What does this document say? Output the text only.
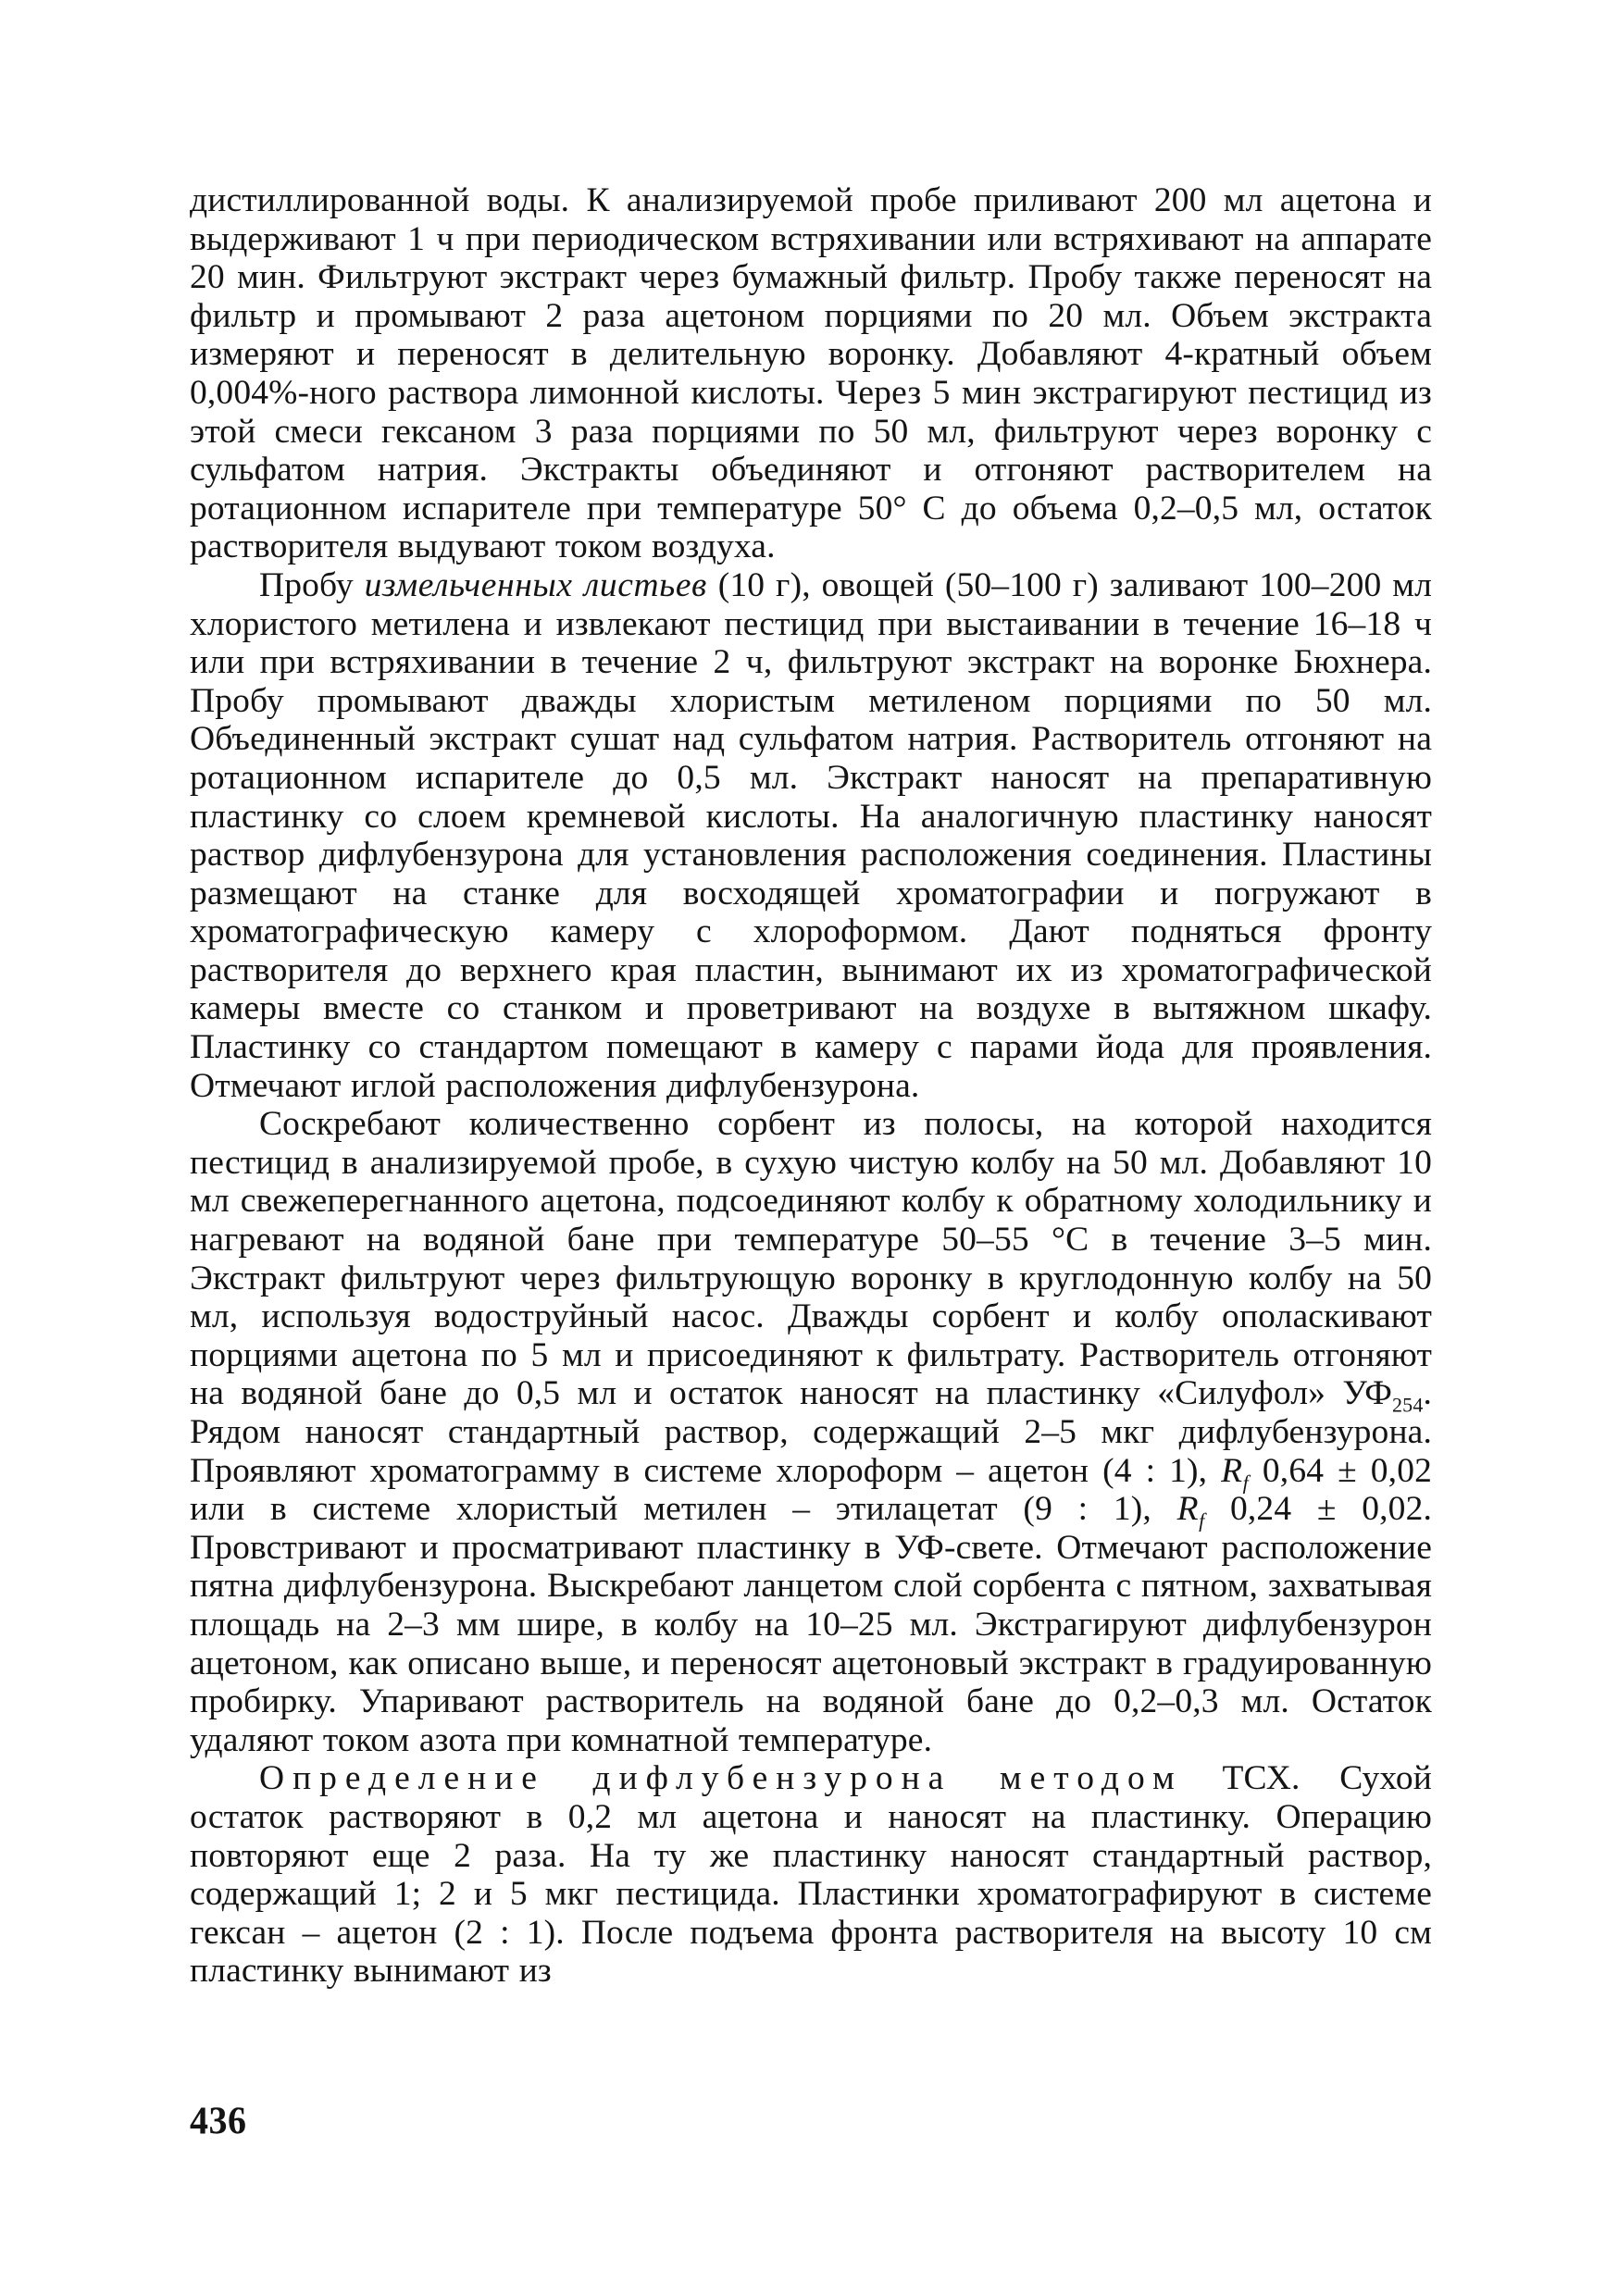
дистиллированной воды. К анализируемой пробе приливают 200 мл ацетона и выдерживают 1 ч при периодическом встряхивании или встряхивают на аппарате 20 мин. Фильтруют экстракт через бумажный фильтр. Пробу также переносят на фильтр и промывают 2 раза ацетоном порциями по 20 мл. Объем экстракта измеряют и переносят в делительную воронку. Добавляют 4-кратный объем 0,004%-ного раствора лимонной кислоты. Через 5 мин экстрагируют пестицид из этой смеси гексаном 3 раза порциями по 50 мл, фильтруют через воронку с сульфатом натрия. Экстракты объединяют и отгоняют растворителем на ротационном испарителе при температуре 50° С до объема 0,2–0,5 мл, остаток растворителя выдувают током воздуха.

Пробу измельченных листьев (10 г), овощей (50–100 г) заливают 100–200 мл хлористого метилена и извлекают пестицид при выстаивании в течение 16–18 ч или при встряхивании в течение 2 ч, фильтруют экстракт на воронке Бюхнера. Пробу промывают дважды хлористым метиленом порциями по 50 мл. Объединенный экстракт сушат над сульфатом натрия. Растворитель отгоняют на ротационном испарителе до 0,5 мл. Экстракт наносят на препаративную пластинку со слоем кремневой кислоты. На аналогичную пластинку наносят раствор дифлубензурона для установления расположения соединения. Пластины размещают на станке для восходящей хроматографии и погружают в хроматографическую камеру с хлороформом. Дают подняться фронту растворителя до верхнего края пластин, вынимают их из хроматографической камеры вместе со станком и проветривают на воздухе в вытяжном шкафу. Пластинку со стандартом помещают в камеру с парами йода для проявления. Отмечают иглой расположения дифлубензурона.

Соскребают количественно сорбент из полосы, на которой находится пестицид в анализируемой пробе, в сухую чистую колбу на 50 мл. Добавляют 10 мл свежеперегнанного ацетона, подсоединяют колбу к обратному холодильнику и нагревают на водяной бане при температуре 50–55 °С в течение 3–5 мин. Экстракт фильтруют через фильтрующую воронку в круглодонную колбу на 50 мл, используя водоструйный насос. Дважды сорбент и колбу ополаскивают порциями ацетона по 5 мл и присоединяют к фильтрату. Растворитель отгоняют на водяной бане до 0,5 мл и остаток наносят на пластинку «Силуфол» $УФ_{254}$. Рядом наносят стандартный раствор, содержащий 2–5 мкг дифлубензурона. Проявляют хроматограмму в системе хлороформ – ацетон (4 : 1), $R_f$ 0,64 ± 0,02 или в системе хлористый метилен – этилацетат (9 : 1), $R_f$ 0,24 ± 0,02. Провстривают и просматривают пластинку в УФ-свете. Отмечают расположение пятна дифлубензурона. Выскребают ланцетом слой сорбента с пятном, захватывая площадь на 2–3 мм шире, в колбу на 10–25 мл. Экстрагируют дифлубензурон ацетоном, как описано выше, и переносят ацетоновый экстракт в градуированную пробирку. Упаривают растворитель на водяной бане до 0,2–0,3 мл. Остаток удаляют током азота при комнатной температуре.

Определение дифлубензурона методом ТСХ. Сухой остаток растворяют в 0,2 мл ацетона и наносят на пластинку. Операцию повторяют еще 2 раза. На ту же пластинку наносят стандартный раствор, содержащий 1; 2 и 5 мкг пестицида. Пластинки хроматографируют в системе гексан – ацетон (2 : 1). После подъема фронта растворителя на высоту 10 см пластинку вынимают из

436
